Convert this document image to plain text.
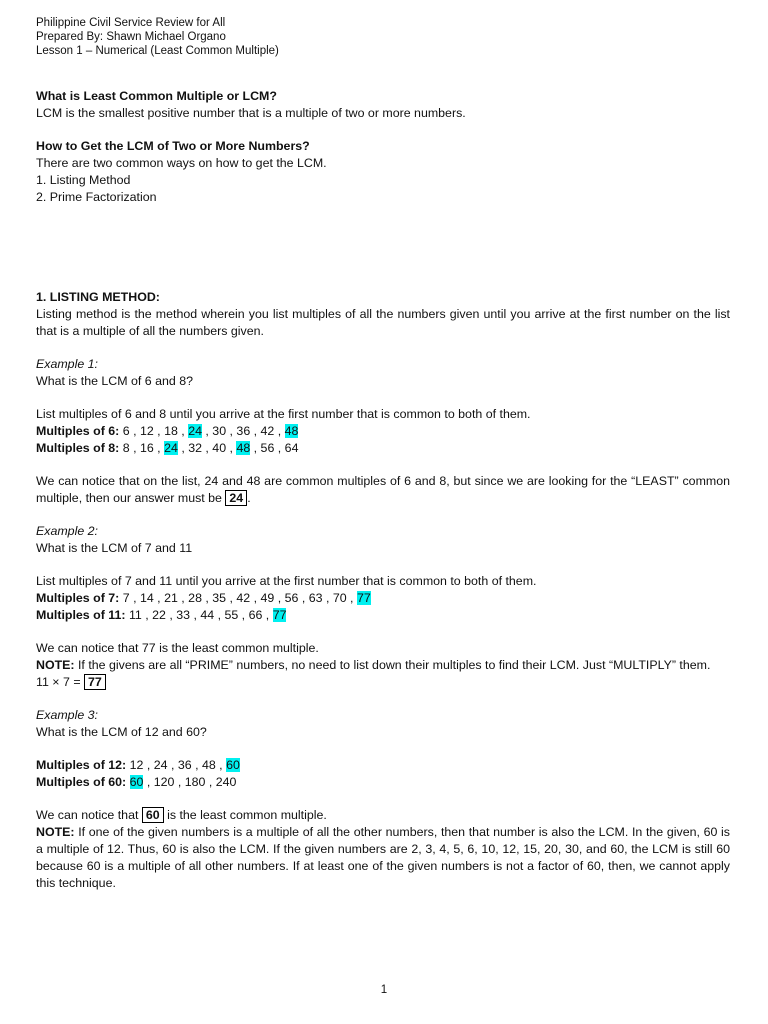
Philippine Civil Service Review for All
Prepared By: Shawn Michael Organo
Lesson 1 – Numerical (Least Common Multiple)

What is Least Common Multiple or LCM?

LCM is the smallest positive number that is a multiple of two or more numbers.

How to Get the LCM of Two or More Numbers?

There are two common ways on how to get the LCM.

1. Listing Method

2. Prime Factorization

1. LISTING METHOD:

Listing method is the method wherein you list multiples of all the numbers given until you arrive at the first number on the list that is a multiple of all the numbers given.

Example 1:

What is the LCM of 6 and 8?

List multiples of 6 and 8 until you arrive at the first number that is common to both of them.

Multiples of 6: 6 , 12 , 18 , 24 , 30 , 36 , 42 , 48

Multiples of 8: 8 , 16 , 24 , 32 , 40 , 48 , 56 , 64

We can notice that on the list, 24 and 48 are common multiples of 6 and 8, but since we are looking for the “LEAST” common multiple, then our answer must be 24 .

Example 2:

What is the LCM of 7 and 11

List multiples of 7 and 11 until you arrive at the first number that is common to both of them.

Multiples of 7: 7 , 14 , 21 , 28 , 35 , 42 , 49 , 56 , 63 , 70 , 77

Multiples of 11: 11 , 22 , 33 , 44 , 55 , 66 , 77

We can notice that 77 is the least common multiple.

NOTE: If the givens are all “PRIME” numbers, no need to list down their multiples to find their LCM. Just “MULTIPLY” them.

11 × 7 = 77

Example 3:

What is the LCM of 12 and 60?

Multiples of 12: 12 , 24 , 36 , 48 , 60

Multiples of 60: 60 , 120 , 180 , 240

We can notice that 60 is the least common multiple.

NOTE: If one of the given numbers is a multiple of all the other numbers, then that number is also the LCM. In the given, 60 is a multiple of 12. Thus, 60 is also the LCM. If the given numbers are 2, 3, 4, 5, 6, 10, 12, 15, 20, 30, and 60, the LCM is still 60 because 60 is a multiple of all other numbers. If at least one of the given numbers is not a factor of 60, then, we cannot apply this technique.

1
